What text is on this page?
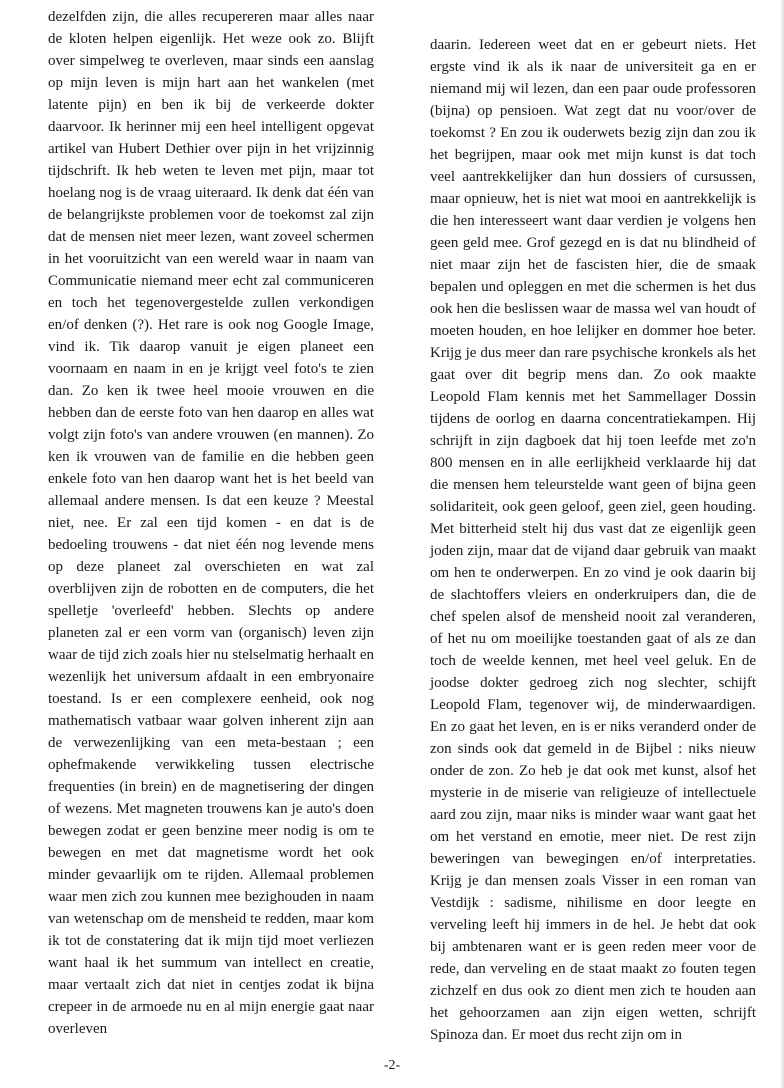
dezelfden zijn, die alles recupereren maar alles naar de kloten helpen eigenlijk. Het weze ook zo. Blijft over simpelweg te overleven, maar sinds een aanslag op mijn leven is mijn hart aan het wankelen (met latente pijn) en ben ik bij de verkeerde dokter daarvoor. Ik herinner mij een heel intelligent opgevat artikel van Hubert Dethier over pijn in het vrijzinnig tijdschrift. Ik heb weten te leven met pijn, maar tot hoelang nog is de vraag uiteraard. Ik denk dat één van de belangrijkste problemen voor de toekomst zal zijn dat de mensen niet meer lezen, want zoveel schermen in het vooruitzicht van een wereld waar in naam van Communicatie niemand meer echt zal communiceren en toch het tegenovergestelde zullen verkondigen en/of denken (?). Het rare is ook nog Google Image, vind ik. Tik daarop vanuit je eigen planeet een voornaam en naam in en je krijgt veel foto's te zien dan. Zo ken ik twee heel mooie vrouwen en die hebben dan de eerste foto van hen daarop en alles wat volgt zijn foto's van andere vrouwen (en mannen). Zo ken ik vrouwen van de familie en die hebben geen enkele foto van hen daarop want het is het beeld van allemaal andere mensen. Is dat een keuze ? Meestal niet, nee. Er zal een tijd komen - en dat is de bedoeling trouwens - dat niet één nog levende mens op deze planeet zal overschieten en wat zal overblijven zijn de robotten en de computers, die het spelletje 'overleefd' hebben. Slechts op andere planeten zal er een vorm van (organisch) leven zijn waar de tijd zich zoals hier nu stelselmatig herhaalt en wezenlijk het universum afdaalt in een embryonaire toestand. Is er een complexere eenheid, ook nog mathematisch vatbaar waar golven inherent zijn aan de verwezenlijking van een meta-bestaan ; een ophefmakende verwikkeling tussen electrische frequenties (in brein) en de magnetisering der dingen of wezens. Met magneten trouwens kan je auto's doen bewegen zodat er geen benzine meer nodig is om te bewegen en met dat magnetisme wordt het ook minder gevaarlijk om te rijden. Allemaal problemen waar men zich zou kunnen mee bezighouden in naam van wetenschap om de mensheid te redden, maar kom ik tot de constatering dat ik mijn tijd moet verliezen want haal ik het summum van intellect en creatie, maar vertaalt zich dat niet in centjes zodat ik bijna crepeer in de armoede nu en al mijn energie gaat naar overleven

daarin. Iedereen weet dat en er gebeurt niets. Het ergste vind ik als ik naar de universiteit ga en er niemand mij wil lezen, dan een paar oude professoren (bijna) op pensioen. Wat zegt dat nu voor/over de toekomst ? En zou ik ouderwets bezig zijn dan zou ik het begrijpen, maar ook met mijn kunst is dat toch veel aantrekkelijker dan hun dossiers of cursussen, maar opnieuw, het is niet wat mooi en aantrekkelijk is die hen interesseert want daar verdien je volgens hen geen geld mee. Grof gezegd en is dat nu blindheid of niet maar zijn het de fascisten hier, die de smaak bepalen und opleggen en met die schermen is het dus ook hen die beslissen waar de massa wel van houdt of moeten houden, en hoe lelijker en dommer hoe beter. Krijg je dus meer dan rare psychische kronkels als het gaat over dit begrip mens dan. Zo ook maakte Leopold Flam kennis met het Sammellager Dossin tijdens de oorlog en daarna concentratiekampen. Hij schrijft in zijn dagboek dat hij toen leefde met zo'n 800 mensen en in alle eerlijkheid verklaarde hij dat die mensen hem teleurstelde want geen of bijna geen solidariteit, ook geen geloof, geen ziel, geen houding. Met bitterheid stelt hij dus vast dat ze eigenlijk geen joden zijn, maar dat de vijand daar gebruik van maakt om hen te onderwerpen. En zo vind je ook daarin bij de slachtoffers vleiers en onderkruipers dan, die de chef spelen alsof de mensheid nooit zal veranderen, of het nu om moeilijke toestanden gaat of als ze dan toch de weelde kennen, met heel veel geluk. En de joodse dokter gedroeg zich nog slechter, schijft Leopold Flam, tegenover wij, de minderwaardigen. En zo gaat het leven, en is er niks veranderd onder de zon sinds ook dat gemeld in de Bijbel : niks nieuw onder de zon. Zo heb je dat ook met kunst, alsof het mysterie in de miserie van religieuze of intellectuele aard zou zijn, maar niks is minder waar want gaat het om het verstand en emotie, meer niet. De rest zijn beweringen van bewegingen en/of interpretaties. Krijg je dan mensen zoals Visser in een roman van Vestdijk : sadisme, nihilisme en door leegte en verveling leeft hij immers in de hel. Je hebt dat ook bij ambtenaren want er is geen reden meer voor de rede, dan verveling en de staat maakt zo fouten tegen zichzelf en dus ook zo dient men zich te houden aan het gehoorzamen aan zijn eigen wetten, schrijft Spinoza dan. Er moet dus recht zijn om in

-2-
